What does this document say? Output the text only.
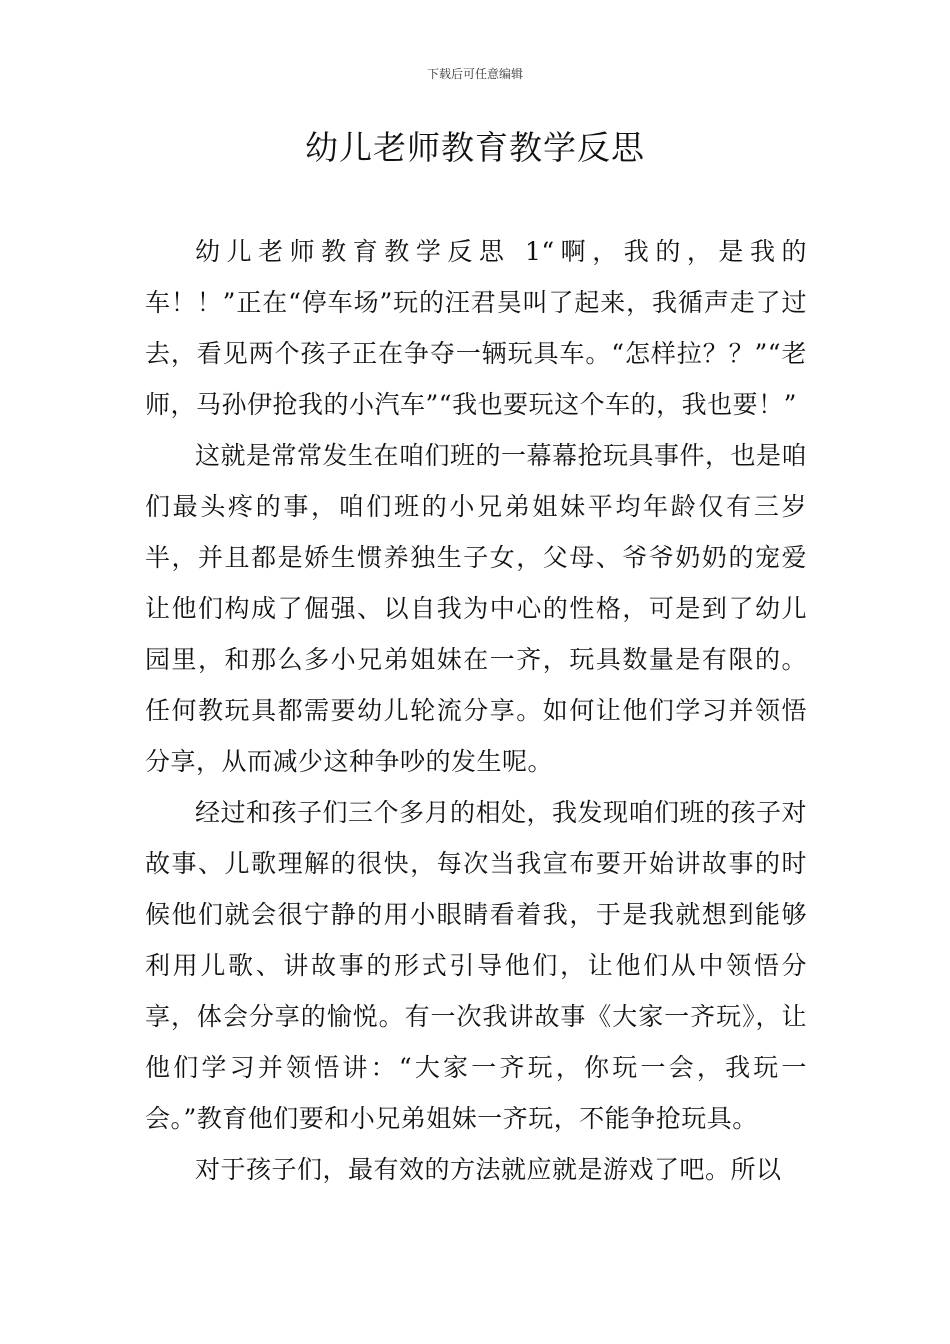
下载后可任意编辑
幼儿老师教育教学反思

幼儿老师教育教学反思 1“啊，我的，是我的车！！”正在“停车场”玩的汪君昊叫了起来，我循声走了过去，看见两个孩子正在争夺一辆玩具车。“怎样拉？？”“老师，马孙伊抢我的小汽车”“我也要玩这个车的，我也要！”

这就是常常发生在咱们班的一幕幕抢玩具事件，也是咱们最头疼的事，咱们班的小兄弟姐妹平均年龄仅有三岁半，并且都是娇生惯养独生子女，父母、爷爷奶奶的宠爱让他们构成了倔强、以自我为中心的性格，可是到了幼儿园里，和那么多小兄弟姐妹在一齐，玩具数量是有限的。任何教玩具都需要幼儿轮流分享。如何让他们学习并领悟分享，从而减少这种争吵的发生呢。

经过和孩子们三个多月的相处，我发现咱们班的孩子对故事、儿歌理解的很快，每次当我宣布要开始讲故事的时候他们就会很宁静的用小眼睛看着我，于是我就想到能够利用儿歌、讲故事的形式引导他们，让他们从中领悟分享，体会分享的愉悦。有一次我讲故事《大家一齐玩》，让他们学习并领悟讲：“大家一齐玩，你玩一会，我玩一会。”教育他们要和小兄弟姐妹一齐玩，不能争抢玩具。

对于孩子们，最有效的方法就应就是游戏了吧。所以
